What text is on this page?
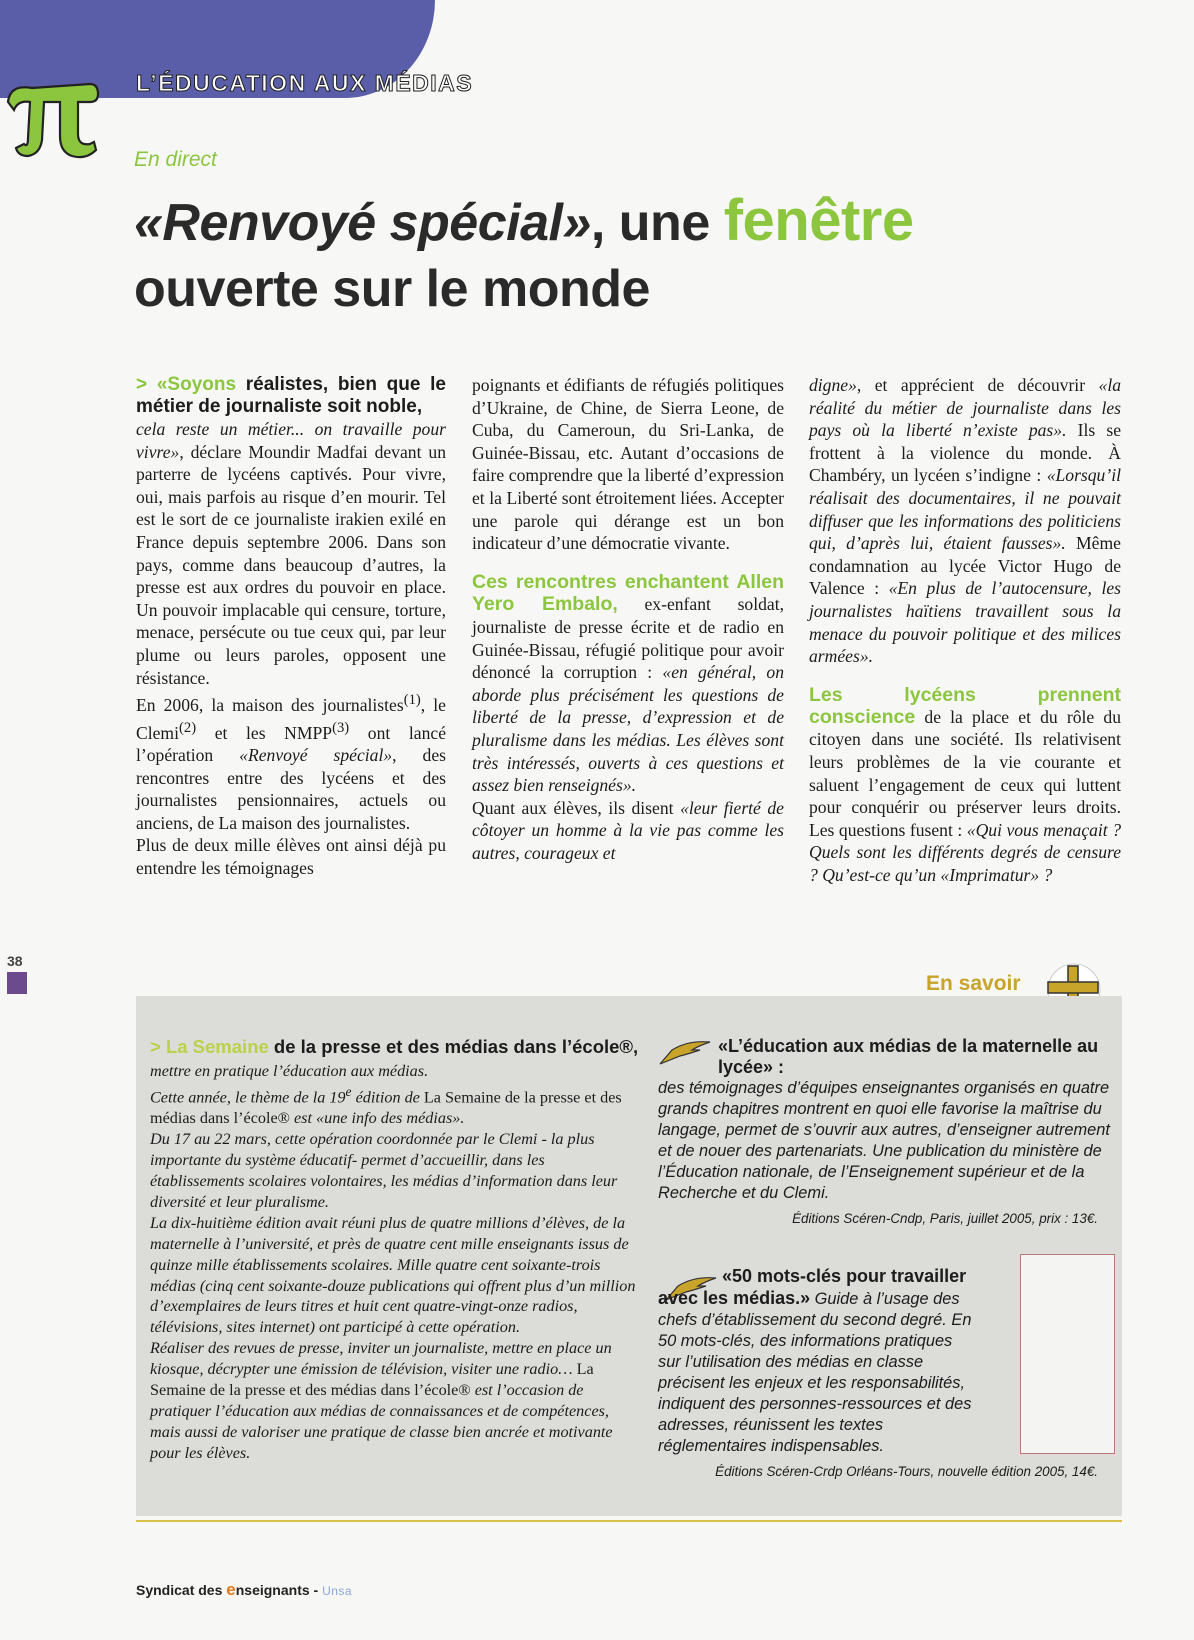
L’ÉDUCATION AUX MÉDIAS
En direct
«Renvoyé spécial», une fenêtre
ouverte sur le monde

> «Soyons réalistes, bien que le métier de journaliste soit noble,

cela reste un métier... on travaille pour vivre», déclare Moundir Madfai devant un parterre de lycéens captivés. Pour vivre, oui, mais parfois au risque d’en mourir. Tel est le sort de ce journaliste irakien exilé en France depuis septembre 2006. Dans son pays, comme dans beaucoup d’autres, la presse est aux ordres du pouvoir en place. Un pouvoir implacable qui censure, torture, menace, persécute ou tue ceux qui, par leur plume ou leurs paroles, opposent une résistance.

En 2006, la maison des journalistes$^{(1)}$, le Clemi$^{(2)}$ et les NMPP$^{(3)}$ ont lancé l’opération «Renvoyé spécial», des rencontres entre des lycéens et des journalistes pensionnaires, actuels ou anciens, de La maison des journalistes.

Plus de deux mille élèves ont ainsi déjà pu entendre les témoignages

poignants et édifiants de réfugiés politiques d’Ukraine, de Chine, de Sierra Leone, de Cuba, du Cameroun, du Sri-Lanka, de Guinée-Bissau, etc. Autant d’occasions de faire comprendre que la liberté d’expression et la Liberté sont étroitement liées. Accepter une parole qui dérange est un bon indicateur d’une démocratie vivante.

Ces rencontres enchantent Allen Yero Embalo, ex-enfant soldat, journaliste de presse écrite et de radio en Guinée-Bissau, réfugié politique pour avoir dénoncé la corruption : «en général, on aborde plus précisément les questions de liberté de la presse, d’expression et de pluralisme dans les médias. Les élèves sont très intéressés, ouverts à ces questions et assez bien renseignés».

Quant aux élèves, ils disent «leur fierté de côtoyer un homme à la vie pas comme les autres, courageux et

digne», et apprécient de découvrir «la réalité du métier de journaliste dans les pays où la liberté n’existe pas». Ils se frottent à la violence du monde. À Chambéry, un lycéen s’indigne : «Lorsqu’il réalisait des documentaires, il ne pouvait diffuser que les informations des politiciens qui, d’après lui, étaient fausses». Même condamnation au lycée Victor Hugo de Valence : «En plus de l’autocensure, les journalistes haïtiens travaillent sous la menace du pouvoir politique et des milices armées».

Les lycéens prennent
conscience de la place et du rôle du citoyen dans une société. Ils relativisent leurs problèmes de la vie courante et saluent l’engagement de ceux qui luttent pour conquérir ou préserver leurs droits. Les questions fusent : «Qui vous menaçait ? Quels sont les différents degrés de censure ? Qu’est-ce qu’un «Imprimatur» ?

38
En savoir

> La Semaine de la presse et des médias dans l’école®, mettre en pratique l’éducation aux médias.

Cette année, le thème de la 19e édition de La Semaine de la presse et des médias dans l’école® est «une info des médias».

Du 17 au 22 mars, cette opération coordonnée par le Clemi - la plus importante du système éducatif- permet d’accueillir, dans les établissements scolaires volontaires, les médias d’information dans leur diversité et leur pluralisme.

La dix-huitième édition avait réuni plus de quatre millions d’élèves, de la maternelle à l’université, et près de quatre cent mille enseignants issus de quinze mille établissements scolaires. Mille quatre cent soixante-trois médias (cinq cent soixante-douze publications qui offrent plus d’un million d’exemplaires de leurs titres et huit cent quatre-vingt-onze radios, télévisions, sites internet) ont participé à cette opération.

Réaliser des revues de presse, inviter un journaliste, mettre en place un kiosque, décrypter une émission de télévision, visiter une radio… La Semaine de la presse et des médias dans l’école® est l’occasion de pratiquer l’éducation aux médias de connaissances et de compétences, mais aussi de valoriser une pratique de classe bien ancrée et motivante pour les élèves.

«L’éducation aux médias de la maternelle au lycée» :
des témoignages d’équipes enseignantes organisés en quatre grands chapitres montrent en quoi elle favorise la maîtrise du langage, permet de s’ouvrir aux autres, d’enseigner autrement et de nouer des partenariats. Une publication du ministère de l’Éducation nationale, de l’Enseignement supérieur et de la Recherche et du Clemi.
Éditions Scéren-Cndp, Paris, juillet 2005, prix : 13€.
«50 mots-clés pour travailler avec les médias.» Guide à l’usage des chefs d’établissement du second degré. En 50 mots-clés, des informations pratiques sur l’utilisation des médias en classe précisent les enjeux et les responsabilités, indiquent des personnes-ressources et des adresses, réunissent les textes réglementaires indispensables.
Éditions Scéren-Crdp Orléans-Tours, nouvelle édition 2005, 14€.
Syndicat des enseignants - Unsa
